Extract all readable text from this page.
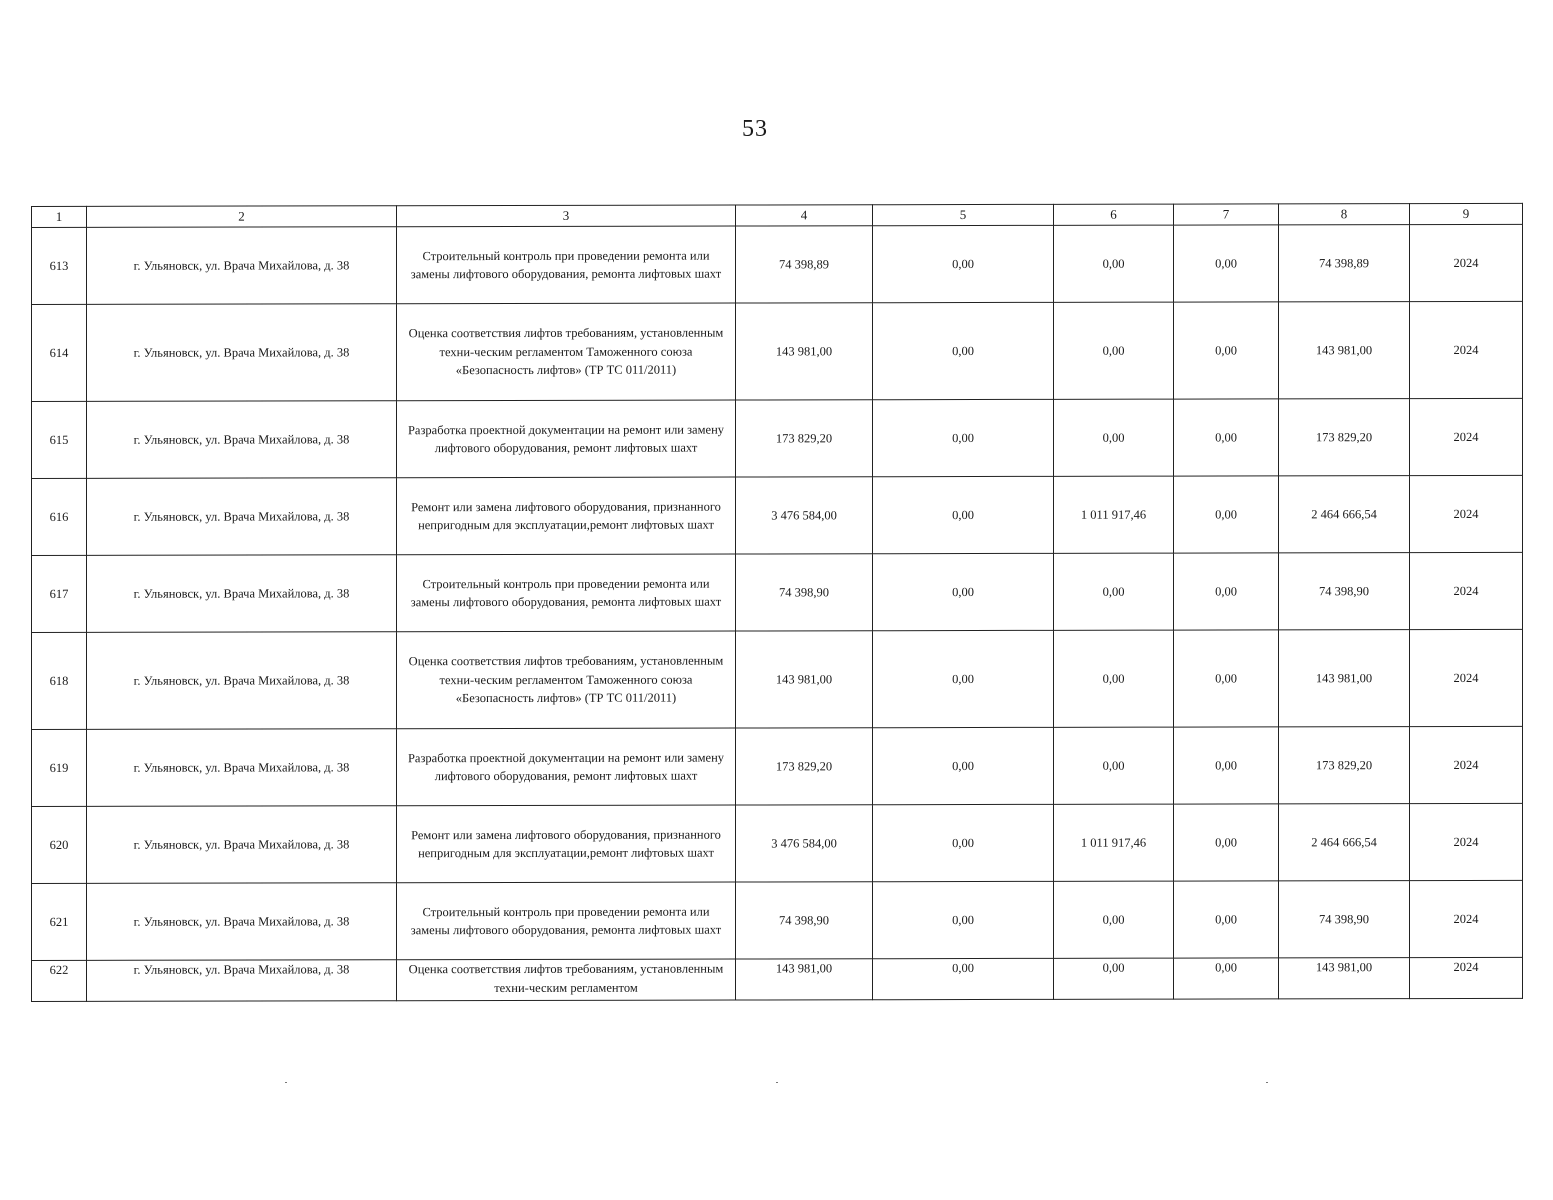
53
1	2	3	4	5	6	7	8	9
613	г. Ульяновск, ул. Врача Михайлова, д. 38	Строительный контроль при проведении ремонта или замены лифтового оборудования, ремонта лифтовых шахт	74 398,89	0,00	0,00	0,00	74 398,89	2024
614	г. Ульяновск, ул. Врача Михайлова, д. 38	Оценка соответствия лифтов требованиям, установленным техни-ческим регламентом Таможенного союза «Безопасность лифтов» (ТР ТС 011/2011)	143 981,00	0,00	0,00	0,00	143 981,00	2024
615	г. Ульяновск, ул. Врача Михайлова, д. 38	Разработка проектной документации на ремонт или замену лифтового оборудования, ремонт лифтовых шахт	173 829,20	0,00	0,00	0,00	173 829,20	2024
616	г. Ульяновск, ул. Врача Михайлова, д. 38	Ремонт или замена лифтового оборудования, признанного непригодным для эксплуатации,ремонт лифтовых шахт	3 476 584,00	0,00	1 011 917,46	0,00	2 464 666,54	2024
617	г. Ульяновск, ул. Врача Михайлова, д. 38	Строительный контроль при проведении ремонта или замены лифтового оборудования, ремонта лифтовых шахт	74 398,90	0,00	0,00	0,00	74 398,90	2024
618	г. Ульяновск, ул. Врача Михайлова, д. 38	Оценка соответствия лифтов требованиям, установленным техни-ческим регламентом Таможенного союза «Безопасность лифтов» (ТР ТС 011/2011)	143 981,00	0,00	0,00	0,00	143 981,00	2024
619	г. Ульяновск, ул. Врача Михайлова, д. 38	Разработка проектной документации на ремонт или замену лифтового оборудования, ремонт лифтовых шахт	173 829,20	0,00	0,00	0,00	173 829,20	2024
620	г. Ульяновск, ул. Врача Михайлова, д. 38	Ремонт или замена лифтового оборудования, признанного непригодным для эксплуатации,ремонт лифтовых шахт	3 476 584,00	0,00	1 011 917,46	0,00	2 464 666,54	2024
621	г. Ульяновск, ул. Врача Михайлова, д. 38	Строительный контроль при проведении ремонта или замены лифтового оборудования, ремонта лифтовых шахт	74 398,90	0,00	0,00	0,00	74 398,90	2024
622	г. Ульяновск, ул. Врача Михайлова, д. 38	Оценка соответствия лифтов требованиям, установленным техни-ческим регламентом	143 981,00	0,00	0,00	0,00	143 981,00	2024
